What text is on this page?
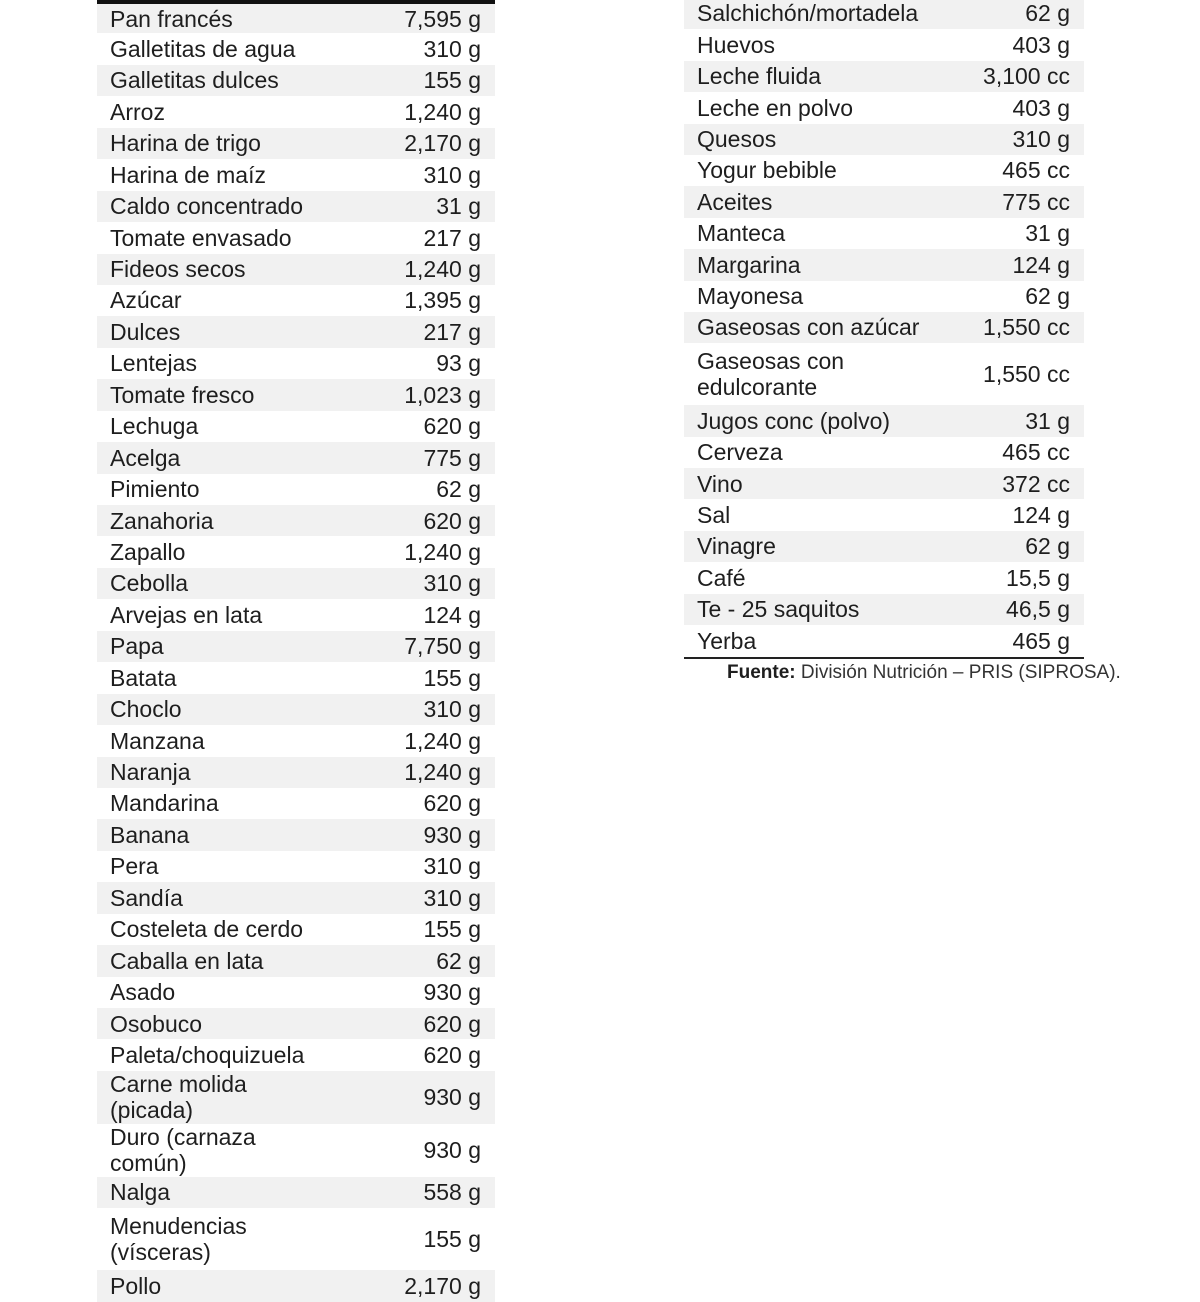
Pan francés	7,595 g
Galletitas de agua	310 g
Galletitas dulces	155 g
Arroz	1,240 g
Harina de trigo	2,170 g
Harina de maíz	310 g
Caldo concentrado	31 g
Tomate envasado	217 g
Fideos secos	1,240 g
Azúcar	1,395 g
Dulces	217 g
Lentejas	93 g
Tomate fresco	1,023 g
Lechuga	620 g
Acelga	775 g
Pimiento	62 g
Zanahoria	620 g
Zapallo	1,240 g
Cebolla	310 g
Arvejas en lata	124 g
Papa	7,750 g
Batata	155 g
Choclo	310 g
Manzana	1,240 g
Naranja	1,240 g
Mandarina	620 g
Banana	930 g
Pera	310 g
Sandía	310 g
Costeleta de cerdo	155 g
Caballa en lata	62 g
Asado	930 g
Osobuco	620 g
Paleta/choquizuela	620 g
Carne molida (picada)	930 g
Duro (carnaza común)	930 g
Nalga	558 g
Menudencias (vísceras)	155 g
Pollo	2,170 g
Salchichón/mortadela	62 g
Huevos	403 g
Leche fluida	3,100 cc
Leche en polvo	403 g
Quesos	310 g
Yogur bebible	465 cc
Aceites	775 cc
Manteca	31 g
Margarina	124 g
Mayonesa	62 g
Gaseosas con azúcar	1,550 cc
Gaseosas con edulcorante	1,550 cc
Jugos conc (polvo)	31 g
Cerveza	465 cc
Vino	372 cc
Sal	124 g
Vinagre	62 g
Café	15,5 g
Te - 25 saquitos	46,5 g
Yerba	465 g
Fuente: División Nutrición – PRIS (SIPROSA).
